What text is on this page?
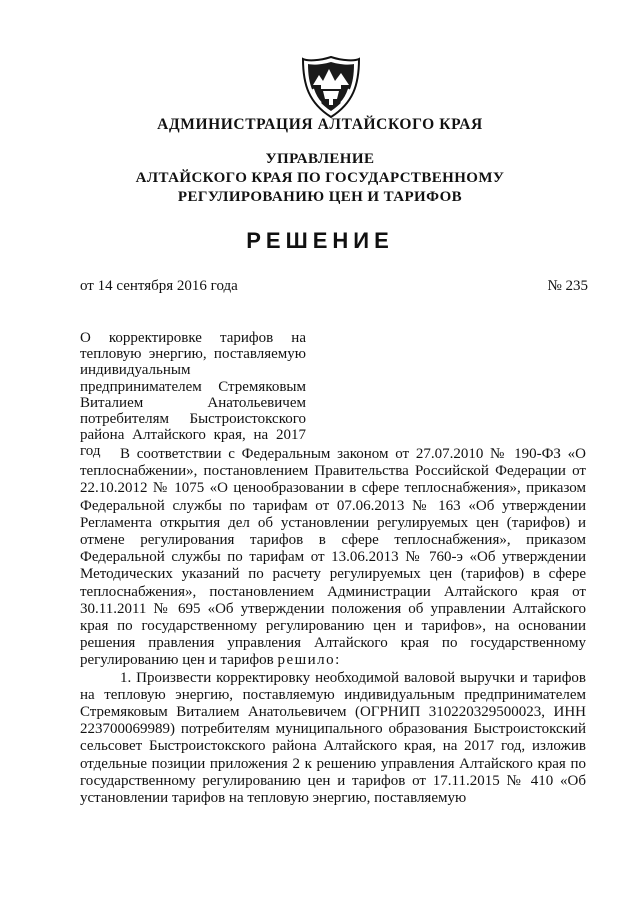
АДМИНИСТРАЦИЯ АЛТАЙСКОГО КРАЯ
УПРАВЛЕНИЕ
АЛТАЙСКОГО КРАЯ ПО ГОСУДАРСТВЕННОМУ
РЕГУЛИРОВАНИЮ ЦЕН И ТАРИФОВ
РЕШЕНИЕ
от 14 сентября 2016 года	№ 235
О корректировке тарифов на тепловую энергию, поставляемую индивидуальным предпринимателем Стремяковым Виталием Анатольевичем потребителям Быстроистокского района Алтайского края, на 2017 год	В соответствии с Федеральным законом от 27.07.2010 № 190-ФЗ «О теплоснабжении», постановлением Правительства Российской Федерации от 22.10.2012 № 1075 «О ценообразовании в сфере теплоснабжения», приказом Федеральной службы по тарифам от 07.06.2013 № 163 «Об утверждении Регламента открытия дел об установлении регулируемых цен (тарифов) и отмене регулирования тарифов в сфере теплоснабжения», приказом Федеральной службы по тарифам от 13.06.2013 № 760-э «Об утверждении Методических указаний по расчету регулируемых цен (тарифов) в сфере теплоснабжения», постановлением Администрации Алтайского края от 30.11.2011 № 695 «Об утверждении положения об управлении Алтайского края по государственному регулированию цен и тарифов», на основании решения правления управления Алтайского края по государственному регулированию цен и тарифов решило:

1. Произвести корректировку необходимой валовой выручки и тарифов на тепловую энергию, поставляемую индивидуальным предпринимателем Стремяковым Виталием Анатольевичем (ОГРНИП 310220329500023, ИНН 223700069989) потребителям муниципального образования Быстроистокский сельсовет Быстроистокского района Алтайского края, на 2017 год, изложив отдельные позиции приложения 2 к решению управления Алтайского края по государственному регулированию цен и тарифов от 17.11.2015 № 410 «Об установлении тарифов на тепловую энергию, поставляемую
